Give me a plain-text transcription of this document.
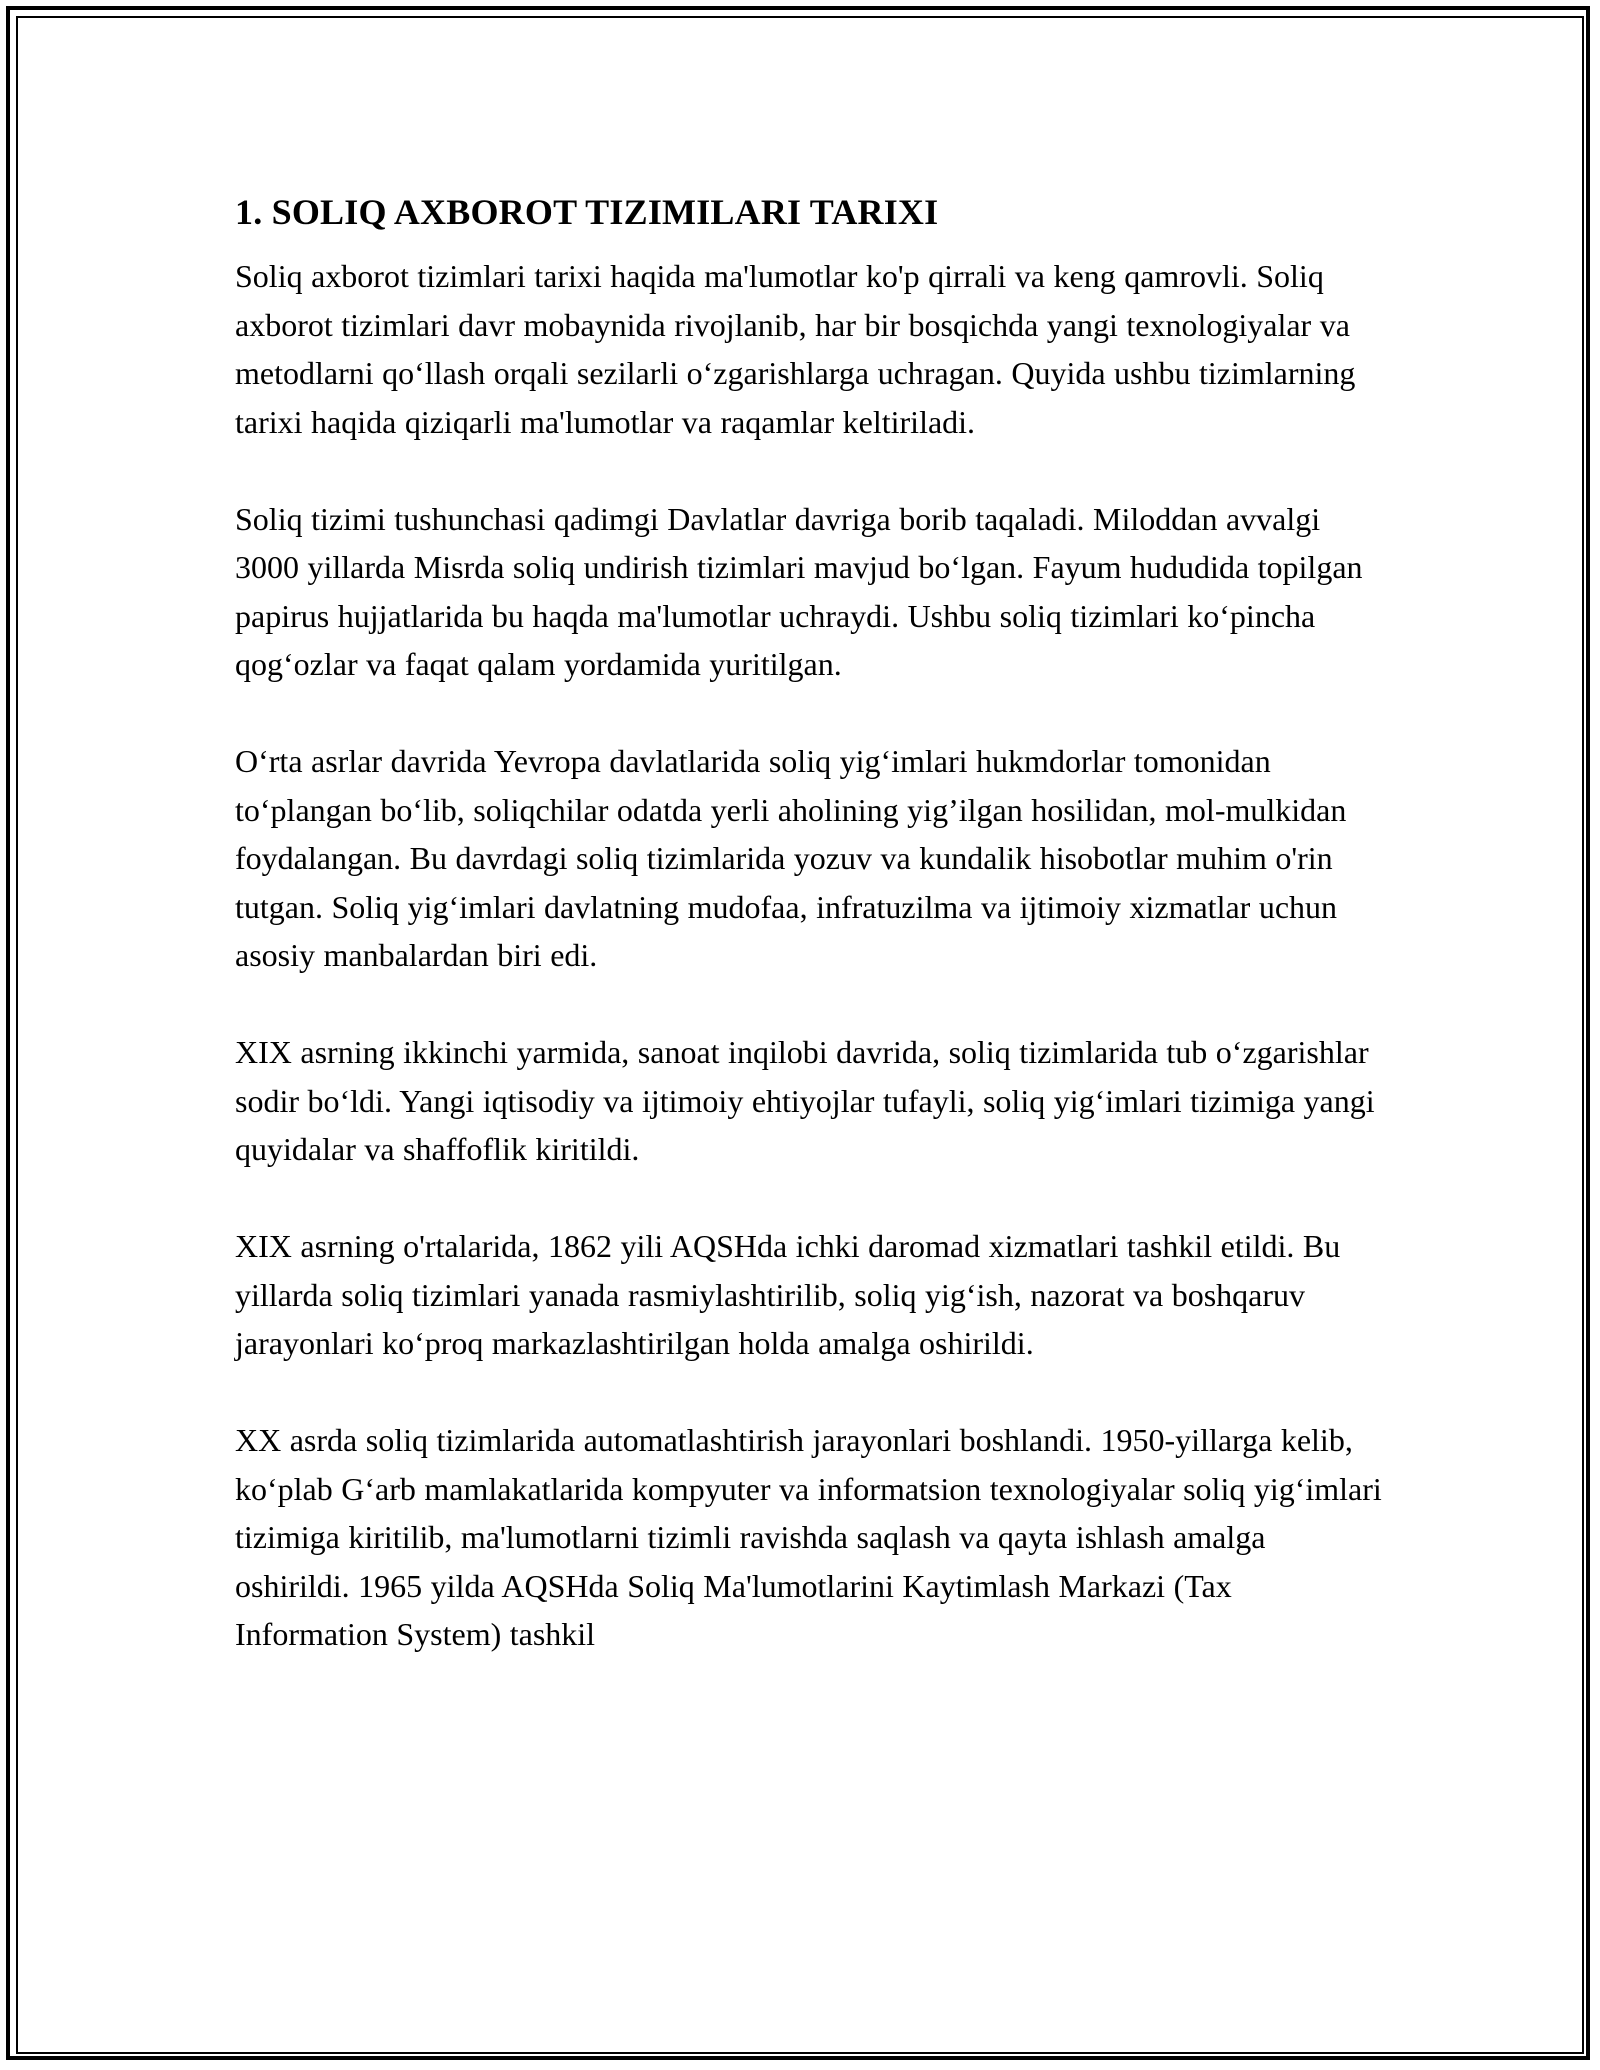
1. SOLIQ AXBOROT TIZIMILARI TARIXI

Soliq axborot tizimlari tarixi haqida ma'lumotlar ko'p qirrali va keng qamrovli. Soliq axborot tizimlari davr mobaynida rivojlanib, har bir bosqichda yangi texnologiyalar va metodlarni qo‘llash orqali sezilarli o‘zgarishlarga uchragan. Quyida ushbu tizimlarning tarixi haqida qiziqarli ma'lumotlar va raqamlar keltiriladi.

Soliq tizimi tushunchasi qadimgi Davlatlar davriga borib taqaladi. Miloddan avvalgi 3000 yillarda Misrda soliq undirish tizimlari mavjud bo‘lgan. Fayum hududida topilgan papirus hujjatlarida bu haqda ma'lumotlar uchraydi. Ushbu soliq tizimlari ko‘pincha qog‘ozlar va faqat qalam yordamida yuritilgan.

O‘rta asrlar davrida Yevropa davlatlarida soliq yig‘imlari hukmdorlar tomonidan to‘plangan bo‘lib, soliqchilar odatda yerli aholining yig’ilgan hosilidan, mol-mulkidan foydalangan. Bu davrdagi soliq tizimlarida yozuv va kundalik hisobotlar muhim o'rin tutgan. Soliq yig‘imlari davlatning mudofaa, infratuzilma va ijtimoiy xizmatlar uchun asosiy manbalardan biri edi.

XIX asrning ikkinchi yarmida, sanoat inqilobi davrida, soliq tizimlarida tub o‘zgarishlar sodir bo‘ldi. Yangi iqtisodiy va ijtimoiy ehtiyojlar tufayli, soliq yig‘imlari tizimiga yangi quyidalar va shaffoflik kiritildi.

XIX asrning o'rtalarida, 1862 yili AQSHda ichki daromad xizmatlari tashkil etildi. Bu yillarda soliq tizimlari yanada rasmiylashtirilib, soliq yig‘ish, nazorat va boshqaruv jarayonlari ko‘proq markazlashtirilgan holda amalga oshirildi.

XX asrda soliq tizimlarida automatlashtirish jarayonlari boshlandi. 1950-yillarga kelib, ko‘plab G‘arb mamlakatlarida kompyuter va informatsion texnologiyalar soliq yig‘imlari tizimiga kiritilib, ma'lumotlarni tizimli ravishda saqlash va qayta ishlash amalga oshirildi. 1965 yilda AQSHda Soliq Ma'lumotlarini Kaytimlash Markazi (Tax Information System) tashkil
